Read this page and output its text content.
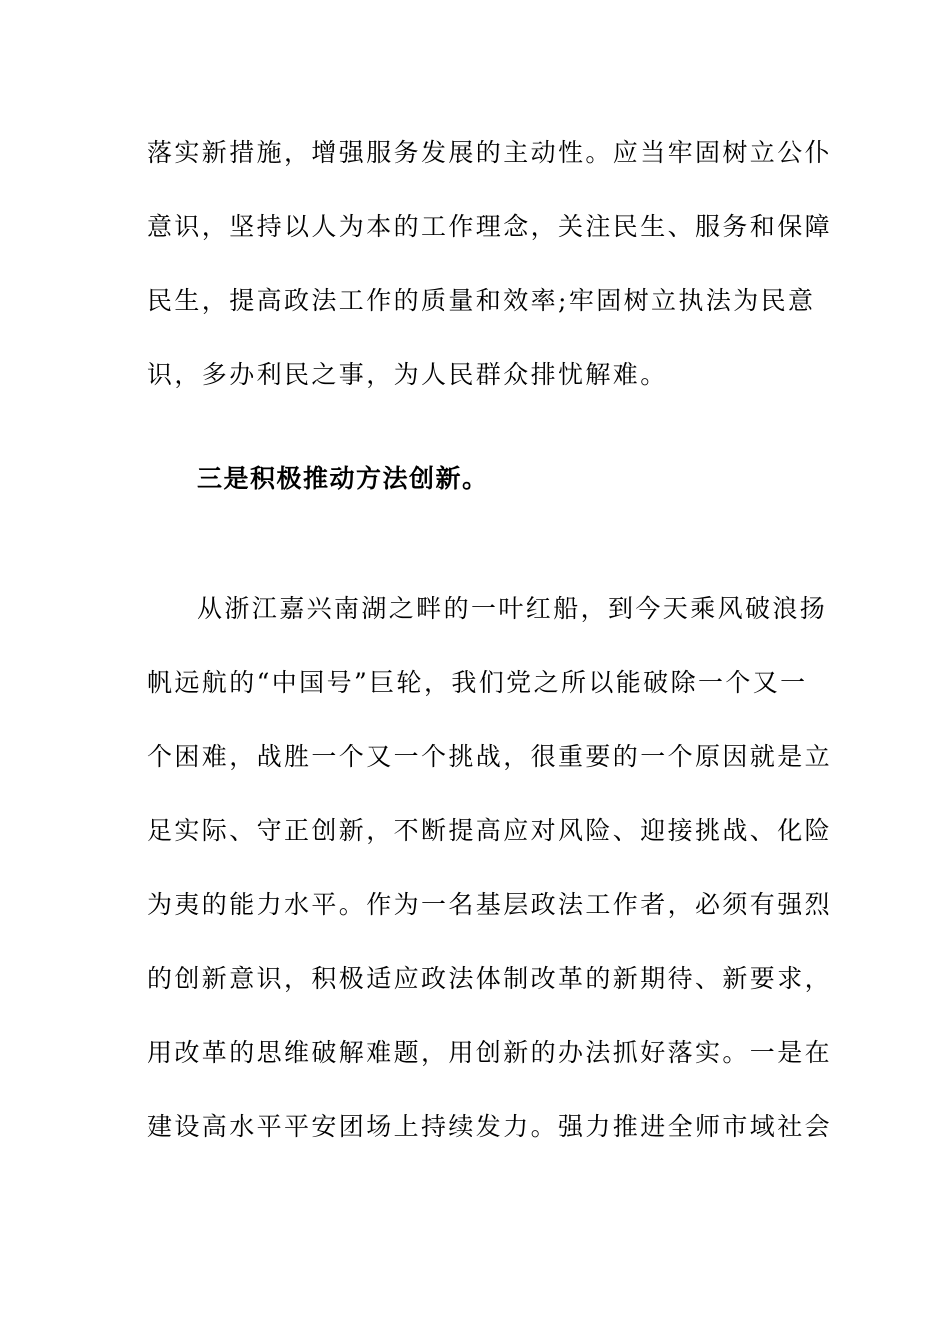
落实新措施，增强服务发展的主动性。应当牢固树立公仆
意识，坚持以人为本的工作理念，关注民生、服务和保障
民生，提高政法工作的质量和效率;牢固树立执法为民意
识，多办利民之事，为人民群众排忧解难。
三是积极推动方法创新。
从浙江嘉兴南湖之畔的一叶红船，到今天乘风破浪扬
帆远航的“中国号”巨轮，我们党之所以能破除一个又一
个困难，战胜一个又一个挑战，很重要的一个原因就是立
足实际、守正创新，不断提高应对风险、迎接挑战、化险
为夷的能力水平。作为一名基层政法工作者，必须有强烈
的创新意识，积极适应政法体制改革的新期待、新要求，
用改革的思维破解难题，用创新的办法抓好落实。一是在
建设高水平平安团场上持续发力。强力推进全师市域社会
